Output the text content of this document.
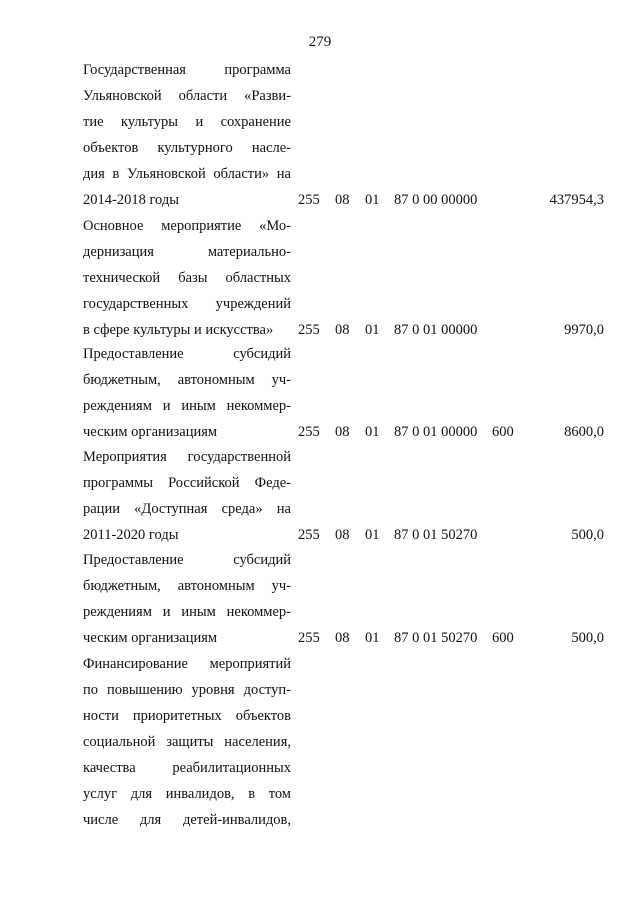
279
Государственная программа
Ульяновской области «Разви-
тие культуры и сохранение
объектов культурного насле-
дия в Ульяновской области» на
2014-2018 годы	255 08 01 87 0 00 00000	437954,3
Основное мероприятие «Мо-
дернизация материально-
технической базы областных
государственных учреждений
в сфере культуры и искусства»	255 08 01 87 0 01 00000	9970,0
Предоставление субсидий
бюджетным, автономным уч-
реждениям и иным некоммер-
ческим организациям	255 08 01 87 0 01 00000 600	8600,0
Мероприятия государственной
программы Российской Феде-
рации «Доступная среда» на
2011-2020 годы	255 08 01 87 0 01 50270	500,0
Предоставление субсидий
бюджетным, автономным уч-
реждениям и иным некоммер-
ческим организациям	255 08 01 87 0 01 50270 600	500,0
Финансирование мероприятий
по повышению уровня доступ-
ности приоритетных объектов
социальной защиты населения,
качества реабилитационных
услуг для инвалидов, в том
числе для детей-инвалидов,
